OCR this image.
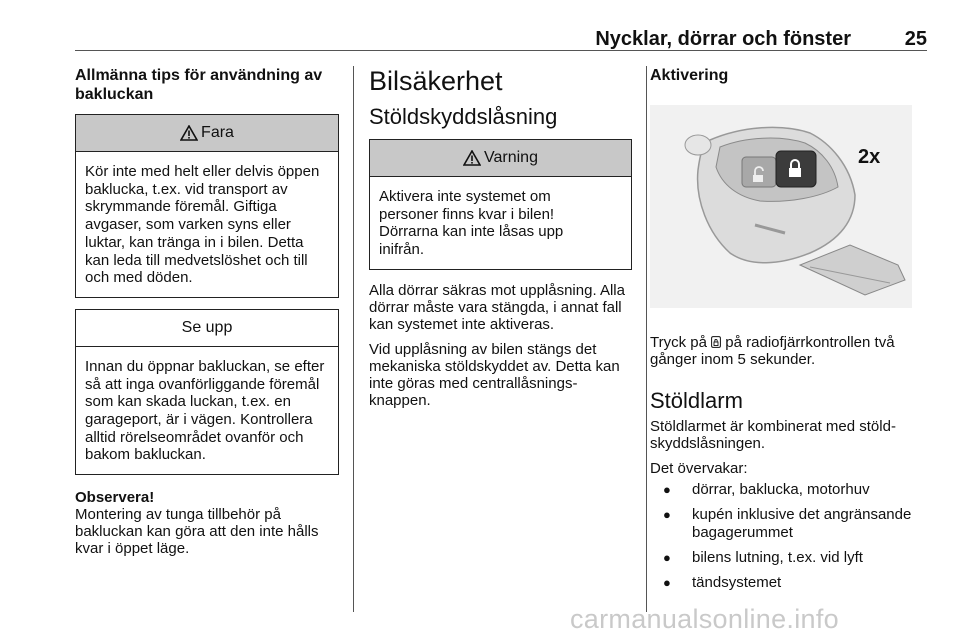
Nycklar, dörrar och fönster	25
Allmänna tips för användning av bakluckan
Fara
Kör inte med helt eller delvis öppen baklucka, t.ex. vid transport av skrymmande föremål. Giftiga avgaser, som varken syns eller luktar, kan tränga in i bilen. Detta kan leda till medvetslöshet och till och med döden.
Se upp
Innan du öppnar bakluckan, se efter så att inga ovanförliggande föremål som kan skada luckan, t.ex. en garageport, är i vägen. Kontrollera alltid rörelseområdet ovanför och bakom bakluckan.

Observera!

Montering av tunga tillbehör på bakluckan kan göra att den inte hålls kvar i öppet läge.

Bilsäkerhet
Stöldskyddslåsning
Varning
Aktivera inte systemet om personer finns kvar i bilen! Dörrarna kan inte låsas upp inifrån.

Alla dörrar säkras mot upplåsning. Alla dörrar måste vara stängda, i annat fall kan systemet inte aktiveras.

Vid upplåsning av bilen stängs det mekaniska stöldskyddet av. Detta kan inte göras med centrallåsnings-knappen.

Aktivering
2x

Tryck på  på radiofjärrkontrollen två gånger inom 5 sekunder.

Stöldlarm

Stöldlarmet är kombinerat med stöld-skyddslåsningen.

Det övervakar:

● dörrar, baklucka, motorhuv
● kupén inklusive det angränsande bagagerummet
● bilens lutning, t.ex. vid lyft
● tändsystemet
carmanualsonline.info
